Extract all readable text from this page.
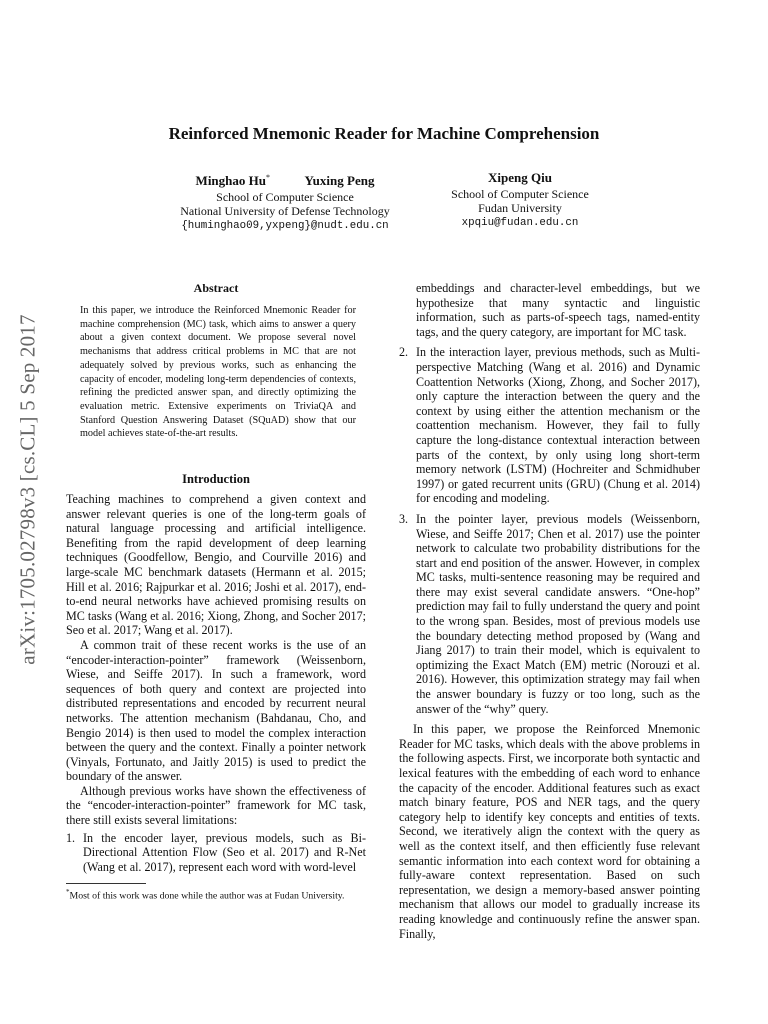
arXiv:1705.02798v3 [cs.CL] 5 Sep 2017
Reinforced Mnemonic Reader for Machine Comprehension
Minghao Hu*	Yuxing Peng
School of Computer Science
National University of Defense Technology
{huminghao09,yxpeng}@nudt.edu.cn
Xipeng Qiu
School of Computer Science
Fudan University
xpqiu@fudan.edu.cn
Abstract
In this paper, we introduce the Reinforced Mnemonic Reader for machine comprehension (MC) task, which aims to answer a query about a given context document. We propose several novel mechanisms that address critical problems in MC that are not adequately solved by previous works, such as enhancing the capacity of encoder, modeling long-term dependencies of contexts, refining the predicted answer span, and directly optimizing the evaluation metric. Extensive experiments on TriviaQA and Stanford Question Answering Dataset (SQuAD) show that our model achieves state-of-the-art results.
Introduction

Teaching machines to comprehend a given context and answer relevant queries is one of the long-term goals of natural language processing and artificial intelligence. Benefiting from the rapid development of deep learning techniques (Goodfellow, Bengio, and Courville 2016) and large-scale MC benchmark datasets (Hermann et al. 2015; Hill et al. 2016; Rajpurkar et al. 2016; Joshi et al. 2017), end-to-end neural networks have achieved promising results on MC tasks (Wang et al. 2016; Xiong, Zhong, and Socher 2017; Seo et al. 2017; Wang et al. 2017).

A common trait of these recent works is the use of an “encoder-interaction-pointer” framework (Weissenborn, Wiese, and Seiffe 2017). In such a framework, word sequences of both query and context are projected into distributed representations and encoded by recurrent neural networks. The attention mechanism (Bahdanau, Cho, and Bengio 2014) is then used to model the complex interaction between the query and the context. Finally a pointer network (Vinyals, Fortunato, and Jaitly 2015) is used to predict the boundary of the answer.

Although previous works have shown the effectiveness of the “encoder-interaction-pointer” framework for MC task, there still exists several limitations:

1. In the encoder layer, previous models, such as Bi-Directional Attention Flow (Seo et al. 2017) and R-Net (Wang et al. 2017), represent each word with word-level
*Most of this work was done while the author was at Fudan University.
embeddings and character-level embeddings, but we hypothesize that many syntactic and linguistic information, such as parts-of-speech tags, named-entity tags, and the query category, are important for MC task.
2. In the interaction layer, previous methods, such as Multi-perspective Matching (Wang et al. 2016) and Dynamic Coattention Networks (Xiong, Zhong, and Socher 2017), only capture the interaction between the query and the context by using either the attention mechanism or the coattention mechanism. However, they fail to fully capture the long-distance contextual interaction between parts of the context, by only using long short-term memory network (LSTM) (Hochreiter and Schmidhuber 1997) or gated recurrent units (GRU) (Chung et al. 2014) for encoding and modeling.
3. In the pointer layer, previous models (Weissenborn, Wiese, and Seiffe 2017; Chen et al. 2017) use the pointer network to calculate two probability distributions for the start and end position of the answer. However, in complex MC tasks, multi-sentence reasoning may be required and there may exist several candidate answers. “One-hop” prediction may fail to fully understand the query and point to the wrong span. Besides, most of previous models use the boundary detecting method proposed by (Wang and Jiang 2017) to train their model, which is equivalent to optimizing the Exact Match (EM) metric (Norouzi et al. 2016). However, this optimization strategy may fail when the answer boundary is fuzzy or too long, such as the answer of the “why” query.

In this paper, we propose the Reinforced Mnemonic Reader for MC tasks, which deals with the above problems in the following aspects. First, we incorporate both syntactic and lexical features with the embedding of each word to enhance the capacity of the encoder. Additional features such as exact match binary feature, POS and NER tags, and the query category help to identify key concepts and entities of texts. Second, we iteratively align the context with the query as well as the context itself, and then efficiently fuse relevant semantic information into each context word for obtaining a fully-aware context representation. Based on such representation, we design a memory-based answer pointing mechanism that allows our model to gradually increase its reading knowledge and continuously refine the answer span. Finally,
